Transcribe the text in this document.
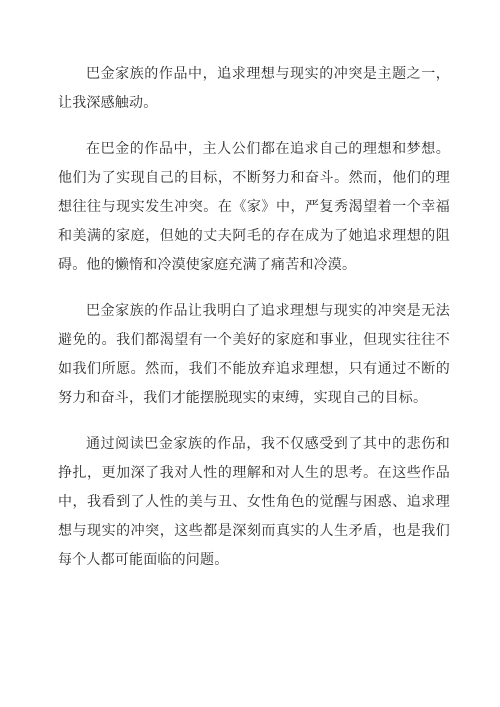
巴金家族的作品中，追求理想与现实的冲突是主题之一，让我深感触动。

在巴金的作品中，主人公们都在追求自己的理想和梦想。他们为了实现自己的目标，不断努力和奋斗。然而，他们的理想往往与现实发生冲突。在《家》中，严复秀渴望着一个幸福和美满的家庭，但她的丈夫阿毛的存在成为了她追求理想的阻碍。他的懒惰和冷漠使家庭充满了痛苦和冷漠。

巴金家族的作品让我明白了追求理想与现实的冲突是无法避免的。我们都渴望有一个美好的家庭和事业，但现实往往不如我们所愿。然而，我们不能放弃追求理想，只有通过不断的努力和奋斗，我们才能摆脱现实的束缚，实现自己的目标。

通过阅读巴金家族的作品，我不仅感受到了其中的悲伤和挣扎，更加深了我对人性的理解和对人生的思考。在这些作品中，我看到了人性的美与丑、女性角色的觉醒与困惑、追求理想与现实的冲突，这些都是深刻而真实的人生矛盾，也是我们每个人都可能面临的问题。
